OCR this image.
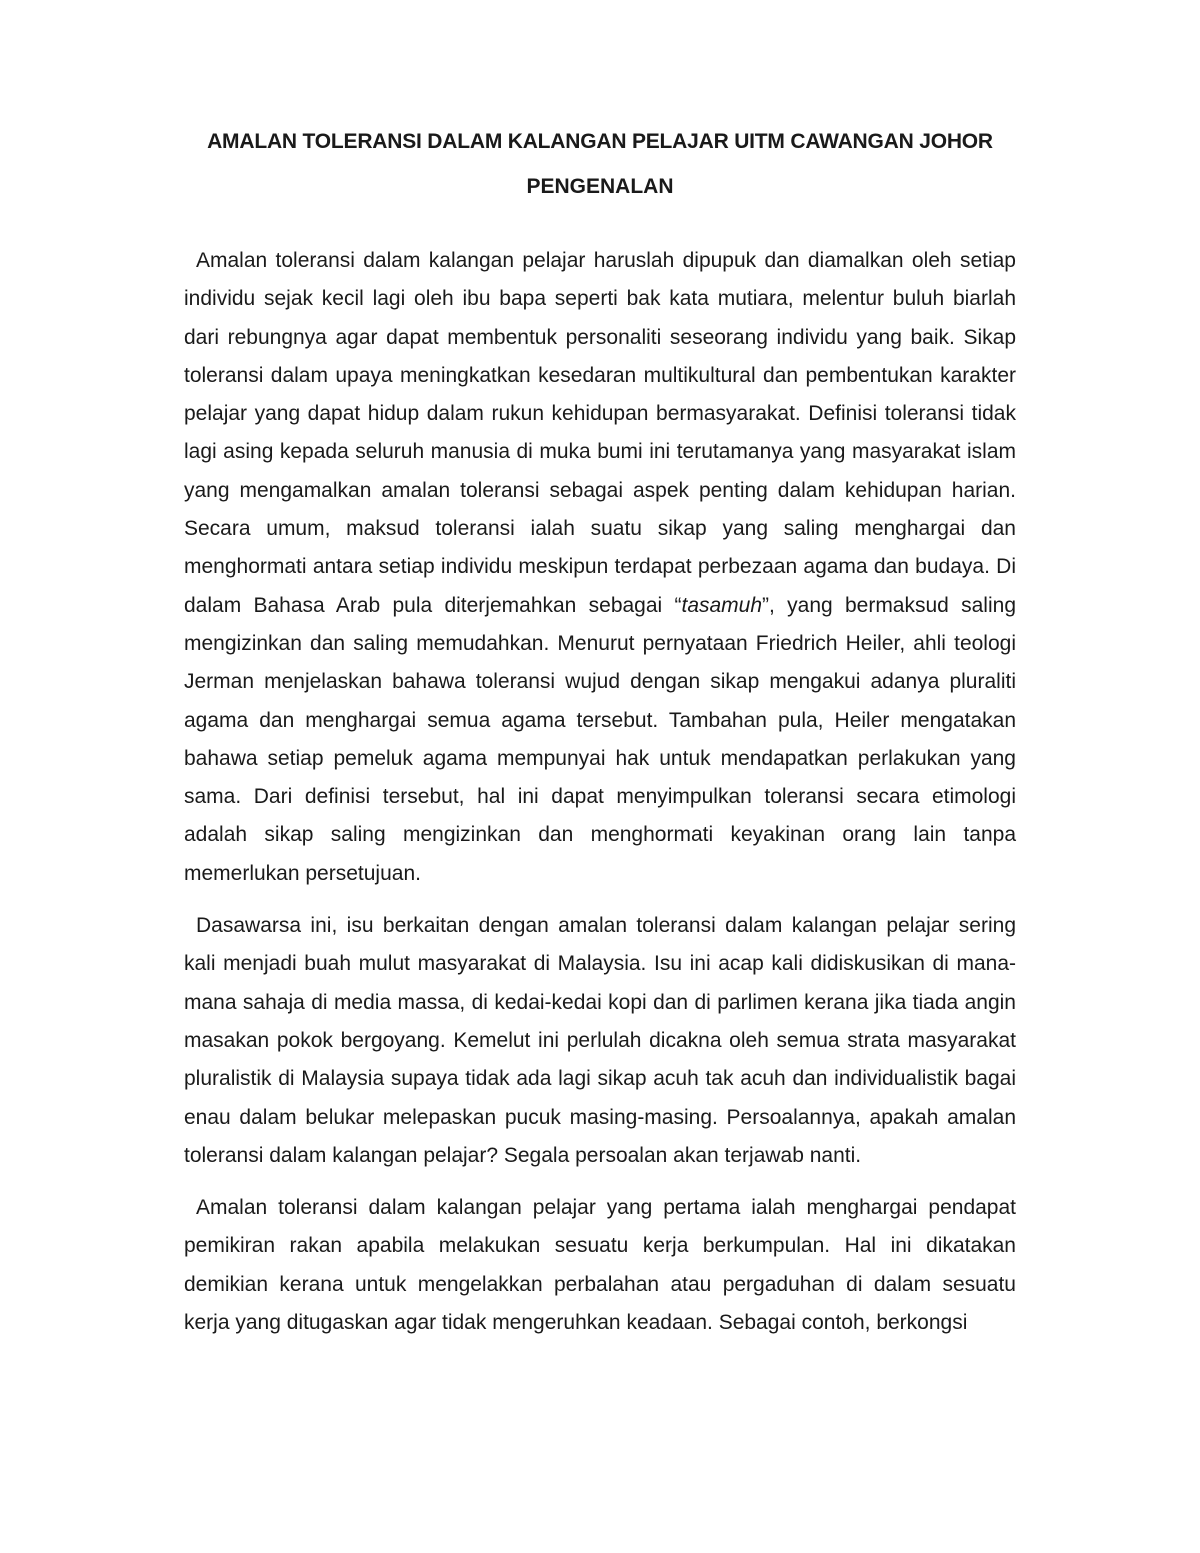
AMALAN TOLERANSI DALAM KALANGAN PELAJAR UITM CAWANGAN JOHOR
PENGENALAN

Amalan toleransi dalam kalangan pelajar haruslah dipupuk dan diamalkan oleh setiap individu sejak kecil lagi oleh ibu bapa seperti bak kata mutiara, melentur buluh biarlah dari rebungnya agar dapat membentuk personaliti seseorang individu yang baik. Sikap toleransi dalam upaya meningkatkan kesedaran multikultural dan pembentukan karakter pelajar yang dapat hidup dalam rukun kehidupan bermasyarakat. Definisi toleransi tidak lagi asing kepada seluruh manusia di muka bumi ini terutamanya yang masyarakat islam yang mengamalkan amalan toleransi sebagai aspek penting dalam kehidupan harian. Secara umum, maksud toleransi ialah suatu sikap yang saling menghargai dan menghormati antara setiap individu meskipun terdapat perbezaan agama dan budaya. Di dalam Bahasa Arab pula diterjemahkan sebagai “tasamuh”, yang bermaksud saling mengizinkan dan saling memudahkan. Menurut pernyataan Friedrich Heiler, ahli teologi Jerman menjelaskan bahawa toleransi wujud dengan sikap mengakui adanya pluraliti agama dan menghargai semua agama tersebut. Tambahan pula, Heiler mengatakan bahawa setiap pemeluk agama mempunyai hak untuk mendapatkan perlakukan yang sama. Dari definisi tersebut, hal ini dapat menyimpulkan toleransi secara etimologi adalah sikap saling mengizinkan dan menghormati keyakinan orang lain tanpa memerlukan persetujuan.

Dasawarsa ini, isu berkaitan dengan amalan toleransi dalam kalangan pelajar sering kali menjadi buah mulut masyarakat di Malaysia. Isu ini acap kali didiskusikan di mana-mana sahaja di media massa, di kedai-kedai kopi dan di parlimen kerana jika tiada angin masakan pokok bergoyang. Kemelut ini perlulah dicakna oleh semua strata masyarakat pluralistik di Malaysia supaya tidak ada lagi sikap acuh tak acuh dan individualistik bagai enau dalam belukar melepaskan pucuk masing-masing. Persoalannya, apakah amalan toleransi dalam kalangan pelajar? Segala persoalan akan terjawab nanti.

Amalan toleransi dalam kalangan pelajar yang pertama ialah menghargai pendapat pemikiran rakan apabila melakukan sesuatu kerja berkumpulan. Hal ini dikatakan demikian kerana untuk mengelakkan perbalahan atau pergaduhan di dalam sesuatu kerja yang ditugaskan agar tidak mengeruhkan keadaan. Sebagai contoh, berkongsi
